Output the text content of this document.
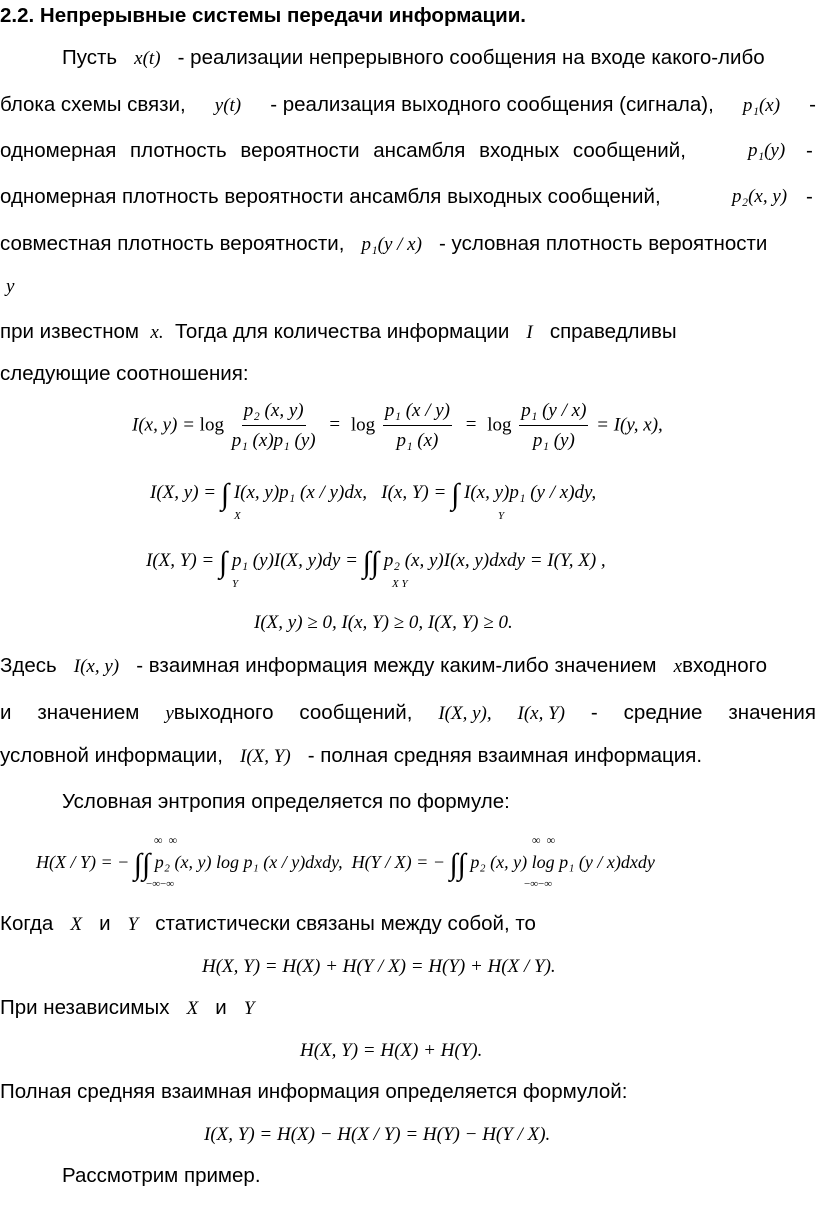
2.2. Непрерывные системы передачи информации.
Пусть x(t) - реализации непрерывного сообщения на входе какого-либо
блока схемы связи, y(t) - реализация выходного сообщения (сигнала), p₁(x) -
одномерная плотность вероятности ансамбля входных сообщений,	p₁(y) -
одномерная плотность вероятности ансамбля выходных сообщений,	p₂(x, y) -
совместная плотность вероятности, p₁(y / x) - условная плотность вероятности
y
при известном x. Тогда для количества информации I справедливы
следующие соотношения:
I(x, $y) = \log \frac{\text{p₂ (x, y)}}{\text{p₁ (x)p₁ (y)}} = \log \frac{\text{p₁ (x / y)}}{\text{p₁ (x)}} = \log \frac{\text{p₁ (y / x)}}{\text{p₁ (y)}} = I(y$, x),
I(X, y) = ∫ I(x, y)p₁ (x / y)dx, I(x, Y) = ∫ I(x, y)p₁ (y / x)dy,
X	Y
I(X, Y) = ∫ p₁ (y)I(X, y)dy = ∫∫ p₂ (x, y)I(x, y)dxdy = I(Y, X) ,
Y	X Y
I(X, y) ≥ 0, I(x, Y) ≥ 0, I(X, Y) ≥ 0.
Здесь I(x, y) - взаимная информация между каким-либо значением xвходного
и значением yвыходного сообщений, I(X, y), I(x, Y) - средние значения
условной информации, I(X, Y) - полная средняя взаимная информация.
Условная энтропия определяется по формуле:
H(X / Y) = − ∫∫ p₂ (x, y) log p₁ (x / y)dxdy, H(Y / X) = − ∫∫ p₂ (x, y) log p₁ (y / x)dxdy
∞ ∞
−∞−∞
∞ ∞
−∞−∞
Когда X и Y статистически связаны между собой, то
H(X, Y) = H(X) + H(Y / X) = H(Y) + H(X / Y).
При независимых X и Y
H(X, Y) = H(X) + H(Y).
Полная средняя взаимная информация определяется формулой:
I(X, Y) = H(X) − H(X / Y) = H(Y) − H(Y / X).
Рассмотрим пример.
